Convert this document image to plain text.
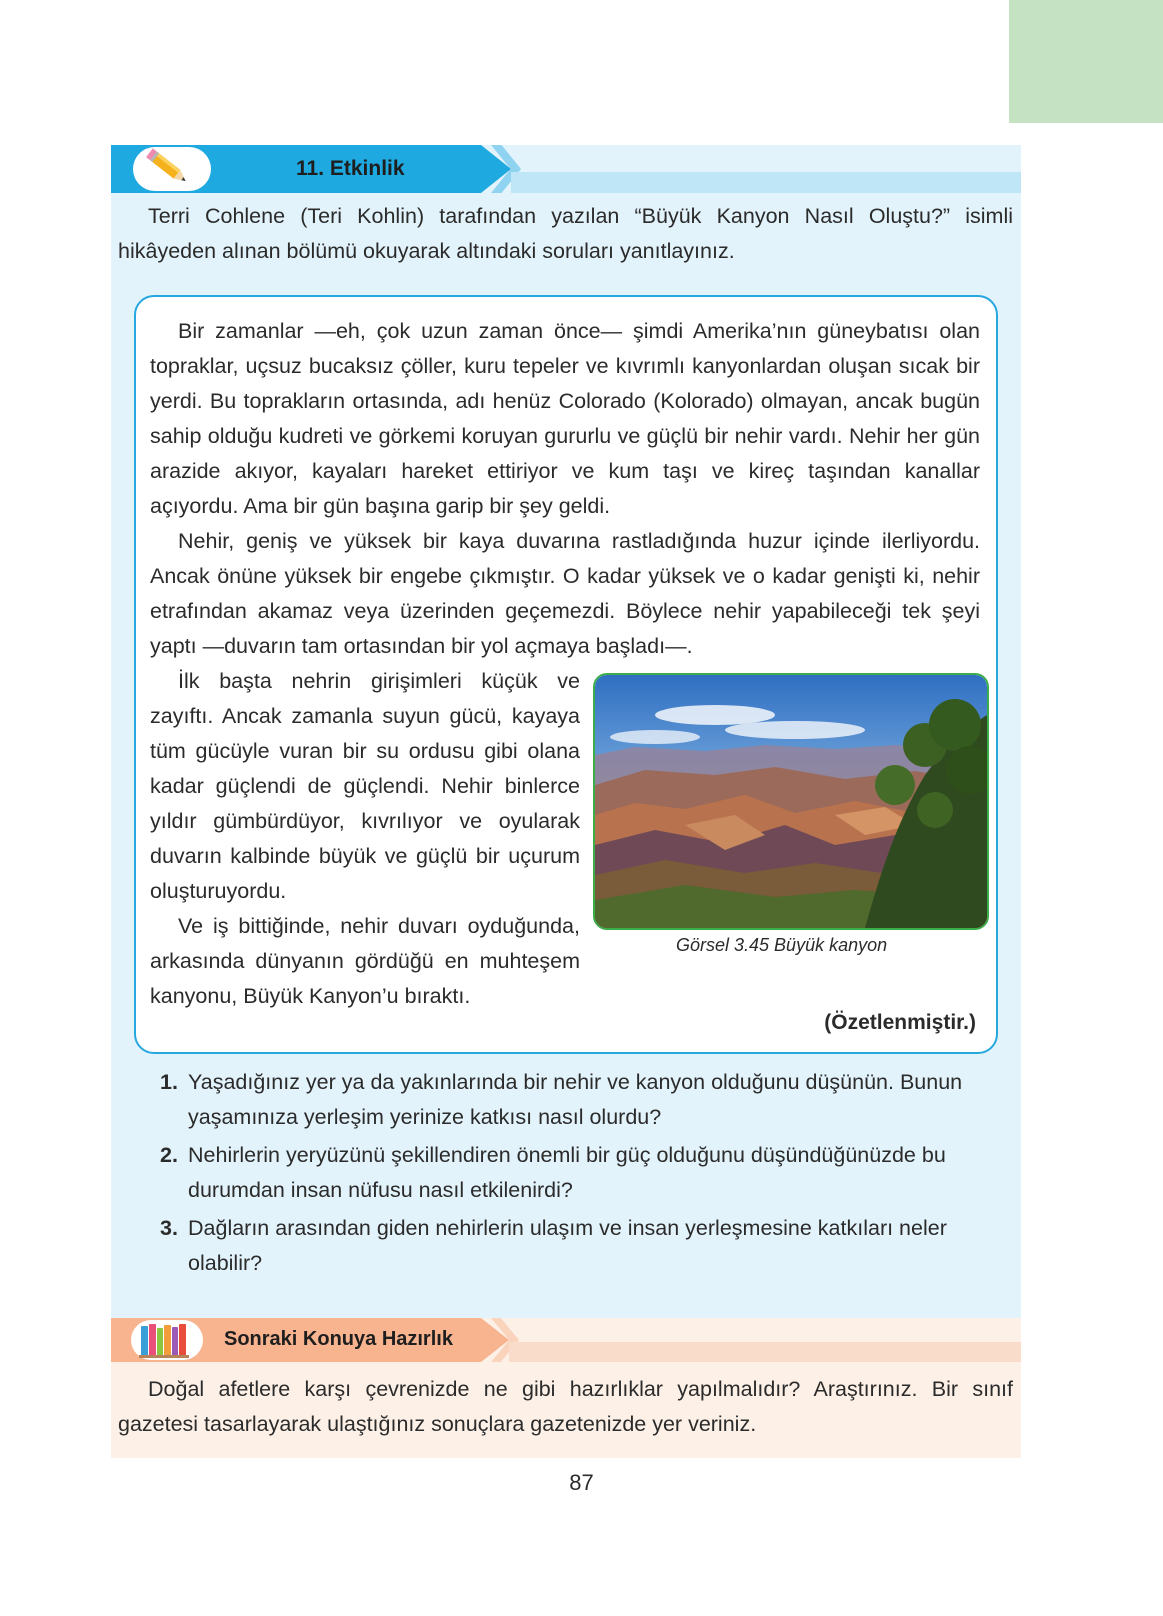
11. Etkinlik

Terri Cohlene (Teri Kohlin) tarafından yazılan “Büyük Kanyon Nasıl Oluştu?” isimli hikâyeden alınan bölümü okuyarak altındaki soruları yanıtlayınız.

Bir zamanlar —eh, çok uzun zaman önce— şimdi Amerika’nın güneybatısı olan topraklar, uçsuz bucaksız çöller, kuru tepeler ve kıvrımlı kanyonlardan oluşan sıcak bir yerdi. Bu toprakların ortasında, adı henüz Colorado (Kolorado) olmayan, ancak bugün sahip olduğu kudreti ve görkemi koruyan gururlu ve güçlü bir nehir vardı. Nehir her gün arazide akıyor, kayaları hareket ettiriyor ve kum taşı ve kireç taşından kanallar açıyordu. Ama bir gün başına garip bir şey geldi.

Nehir, geniş ve yüksek bir kaya duvarına rastladığında huzur içinde ilerliyordu. Ancak önüne yüksek bir engebe çıkmıştır. O kadar yüksek ve o kadar genişti ki, nehir etrafından akamaz veya üzerinden geçemezdi. Böylece nehir yapabileceği tek şeyi yaptı —duvarın tam ortasından bir yol açmaya başladı—.

İlk başta nehrin girişimleri küçük ve zayıftı. Ancak zamanla suyun gücü, kayaya tüm gücüyle vuran bir su ordusu gibi olana kadar güçlendi de güçlendi. Nehir binlerce yıldır gümbürdüyor, kıvrılıyor ve oyularak duvarın kalbinde büyük ve güçlü bir uçurum oluşturuyordu.

Ve iş bittiğinde, nehir duvarı oyduğunda, arkasında dünyanın gördüğü en muhteşem kanyonu, Büyük Kanyon’u bıraktı.

(Özetlenmiştir.)
Görsel 3.45 Büyük kanyon
1. Yaşadığınız yer ya da yakınlarında bir nehir ve kanyon olduğunu düşünün. Bunun yaşamınıza yerleşim yerinize katkısı nasıl olurdu?
2. Nehirlerin yeryüzünü şekillendiren önemli bir güç olduğunu düşündüğünüzde bu durumdan insan nüfusu nasıl etkilenirdi?
3. Dağların arasından giden nehirlerin ulaşım ve insan yerleşmesine katkıları neler olabilir?
Sonraki Konuya Hazırlık

Doğal afetlere karşı çevrenizde ne gibi hazırlıklar yapılmalıdır? Araştırınız. Bir sınıf gazetesi tasarlayarak ulaştığınız sonuçlara gazetenizde yer veriniz.

87
